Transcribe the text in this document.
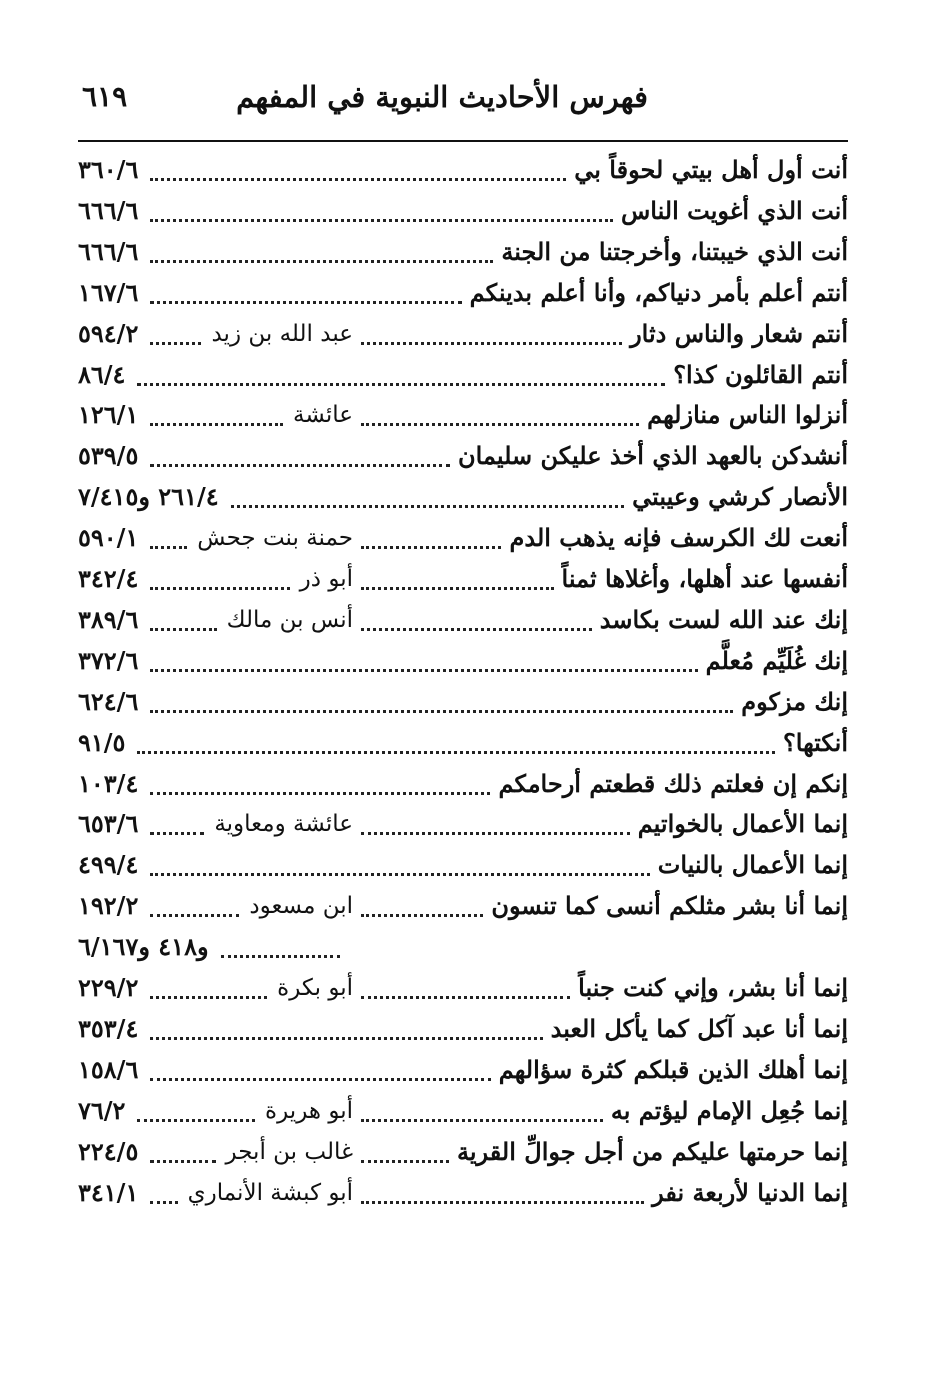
فهرس الأحاديث النبوية في المفهم
٦١٩
أنت أول أهل بيتي لحوقاً بي
٣٦٠/٦
أنت الذي أغويت الناس
٦٦٦/٦
أنت الذي خيبتنا، وأخرجتنا من الجنة
٦٦٦/٦
أنتم أعلم بأمر دنياكم، وأنا أعلم بدينكم
١٦٧/٦
أنتم شعار والناس دثار
عبد الله بن زيد
٥٩٤/٢
أنتم القائلون كذا؟
٨٦/٤
أنزلوا الناس منازلهم
عائشة
١٢٦/١
أنشدكن بالعهد الذي أخذ عليكن سليمان
٥٣٩/٥
الأنصار كرشي وعيبتي
٢٦١/٤ و٧/٤١٥
أنعت لك الكرسف فإنه يذهب الدم
حمنة بنت جحش
٥٩٠/١
أنفسها عند أهلها، وأغلاها ثمناً
أبو ذر
٣٤٢/٤
إنك عند الله لست بكاسد
أنس بن مالك
٣٨٩/٦
إنك غُلَيِّم مُعلَّم
٣٧٢/٦
إنك مزكوم
٦٢٤/٦
أنكتها؟
٩١/٥
إنكم إن فعلتم ذلك قطعتم أرحامكم
١٠٣/٤
إنما الأعمال بالخواتيم
عائشة ومعاوية
٦٥٣/٦
إنما الأعمال بالنيات
٤٩٩/٤
إنما أنا بشر مثلكم أنسى كما تنسون
ابن مسعود
١٩٢/٢
و٤١٨ و٦/١٦٧
إنما أنا بشر، وإني كنت جنباً
أبو بكرة
٢٢٩/٢
إنما أنا عبد آكل كما يأكل العبد
٣٥٣/٤
إنما أهلك الذين قبلكم كثرة سؤالهم
١٥٨/٦
إنما جُعِل الإمام ليؤتم به
أبو هريرة
٧٦/٢
إنما حرمتها عليكم من أجل جوالِّ القرية
غالب بن أبجر
٢٢٤/٥
إنما الدنيا لأربعة نفر
أبو كبشة الأنماري
٣٤١/١
